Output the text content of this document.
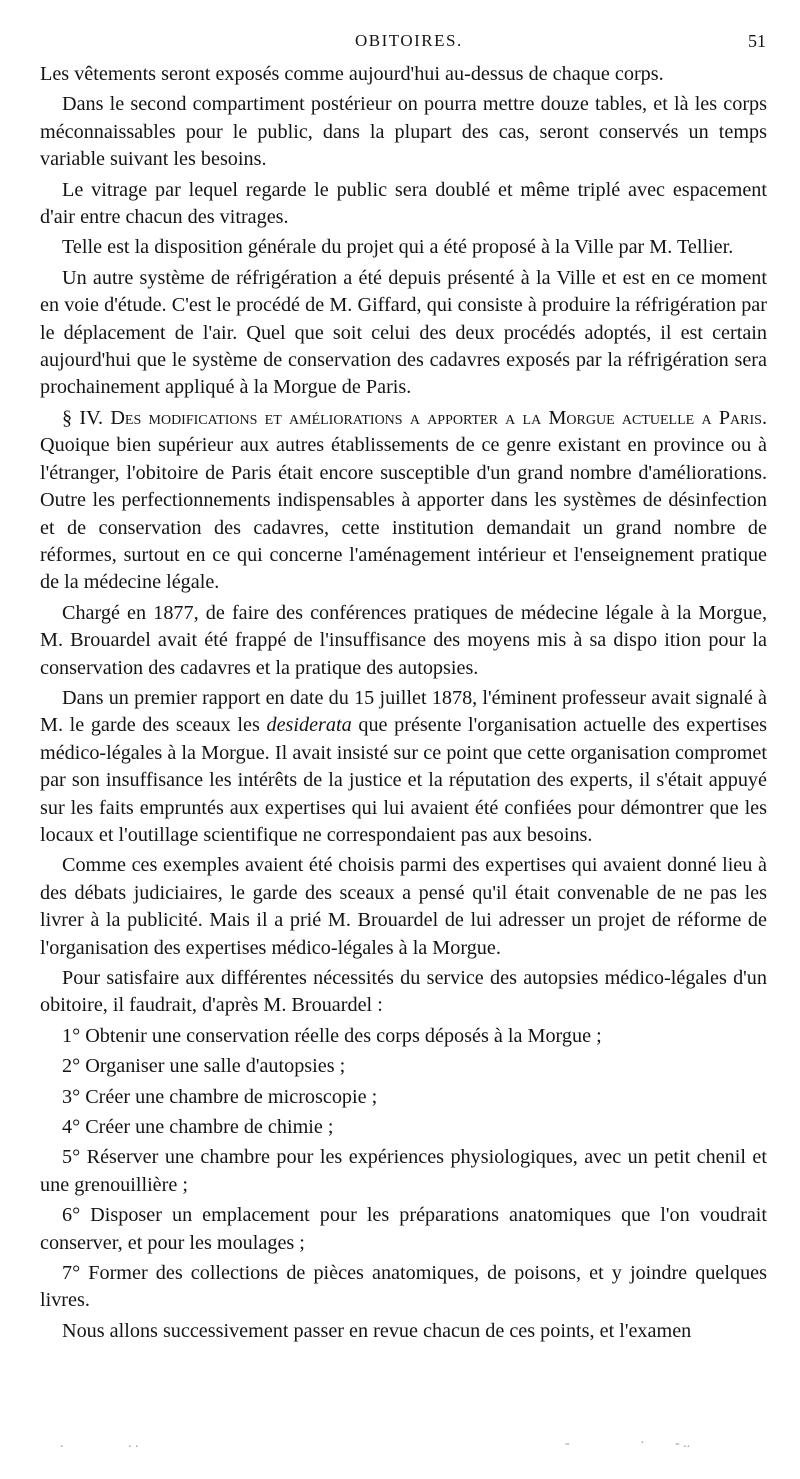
OBITOIRES.	51

Les vêtements seront exposés comme aujourd'hui au-dessus de chaque corps.

Dans le second compartiment postérieur on pourra mettre douze tables, et là les corps méconnaissables pour le public, dans la plupart des cas, seront conservés un temps variable suivant les besoins.

Le vitrage par lequel regarde le public sera doublé et même triplé avec espacement d'air entre chacun des vitrages.

Telle est la disposition générale du projet qui a été proposé à la Ville par M. Tellier.

Un autre système de réfrigération a été depuis présenté à la Ville et est en ce moment en voie d'étude. C'est le procédé de M. Giffard, qui consiste à produire la réfrigération par le déplacement de l'air. Quel que soit celui des deux procédés adoptés, il est certain aujourd'hui que le système de conservation des cadavres exposés par la réfrigération sera prochainement appliqué à la Morgue de Paris.

§ IV. Des modifications et améliorations a apporter a la Morgue actuelle a Paris. Quoique bien supérieur aux autres établissements de ce genre existant en province ou à l'étranger, l'obitoire de Paris était encore susceptible d'un grand nombre d'améliorations. Outre les perfectionnements indispensables à apporter dans les systèmes de désinfection et de conservation des cadavres, cette institution demandait un grand nombre de réformes, surtout en ce qui concerne l'aménagement intérieur et l'enseignement pratique de la médecine légale.

Chargé en 1877, de faire des conférences pratiques de médecine légale à la Morgue, M. Brouardel avait été frappé de l'insuffisance des moyens mis à sa dispo ition pour la conservation des cadavres et la pratique des autopsies.

Dans un premier rapport en date du 15 juillet 1878, l'éminent professeur avait signalé à M. le garde des sceaux les desiderata que présente l'organisation actuelle des expertises médico-légales à la Morgue. Il avait insisté sur ce point que cette organisation compromet par son insuffisance les intérêts de la justice et la réputation des experts, il s'était appuyé sur les faits empruntés aux expertises qui lui avaient été confiées pour démontrer que les locaux et l'outillage scientifique ne correspondaient pas aux besoins.

Comme ces exemples avaient été choisis parmi des expertises qui avaient donné lieu à des débats judiciaires, le garde des sceaux a pensé qu'il était convenable de ne pas les livrer à la publicité. Mais il a prié M. Brouardel de lui adresser un projet de réforme de l'organisation des expertises médico-légales à la Morgue.

Pour satisfaire aux différentes nécessités du service des autopsies médico-légales d'un obitoire, il faudrait, d'après M. Brouardel :

1° Obtenir une conservation réelle des corps déposés à la Morgue ;

2° Organiser une salle d'autopsies ;

3° Créer une chambre de microscopie ;

4° Créer une chambre de chimie ;

5° Réserver une chambre pour les expériences physiologiques, avec un petit chenil et une grenouillière ;

6° Disposer un emplacement pour les préparations anatomiques que l'on voudrait conserver, et pour les moulages ;

7° Former des collections de pièces anatomiques, de poisons, et y joindre quelques livres.

Nous allons successivement passer en revue chacun de ces points, et l'examen

.	. .	-	· - ..
